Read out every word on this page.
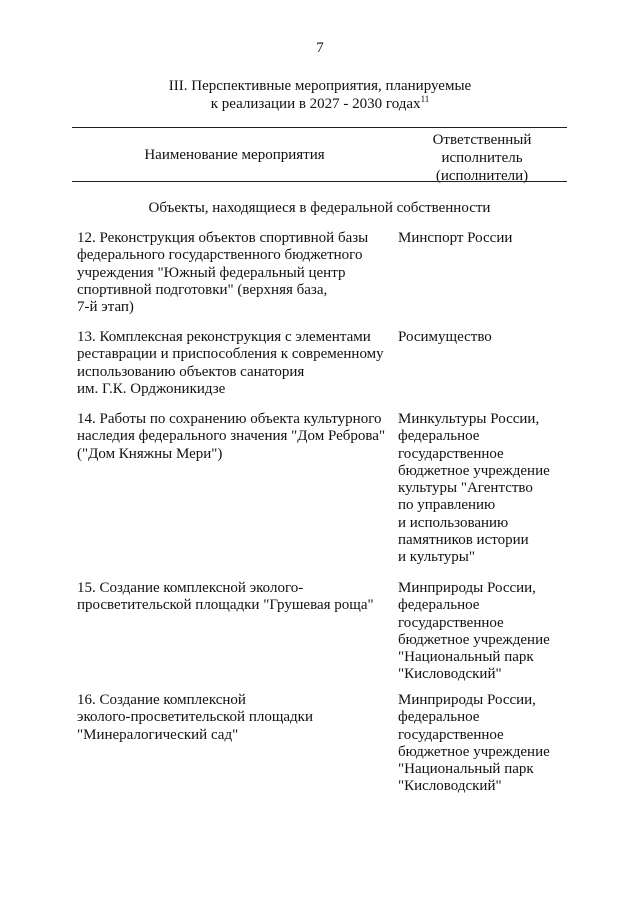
7
III. Перспективные мероприятия, планируемые
к реализации в 2027 - 2030 годах$^{11}$
Наименование мероприятия
Ответственный
исполнитель
(исполнители)
Объекты, находящиеся в федеральной собственности
12. Реконструкция объектов спортивной базы
федерального государственного бюджетного
учреждения "Южный федеральный центр
спортивной подготовки" (верхняя база,
7-й этап)
Минспорт России
13. Комплексная реконструкция с элементами
реставрации и приспособления к современному
использованию объектов санатория
им. Г.К. Орджоникидзе
Росимущество
14. Работы по сохранению объекта культурного
наследия федерального значения "Дом Реброва"
("Дом Княжны Мери")
Минкультуры России,
федеральное
государственное
бюджетное учреждение
культуры "Агентство
по управлению
и использованию
памятников истории
и культуры"
15. Создание комплексной эколого-
просветительской площадки "Грушевая роща"
Минприроды России,
федеральное
государственное
бюджетное учреждение
"Национальный парк
"Кисловодский"
16. Создание комплексной
эколого-просветительской площадки
"Минералогический сад"
Минприроды России,
федеральное
государственное
бюджетное учреждение
"Национальный парк
"Кисловодский"
